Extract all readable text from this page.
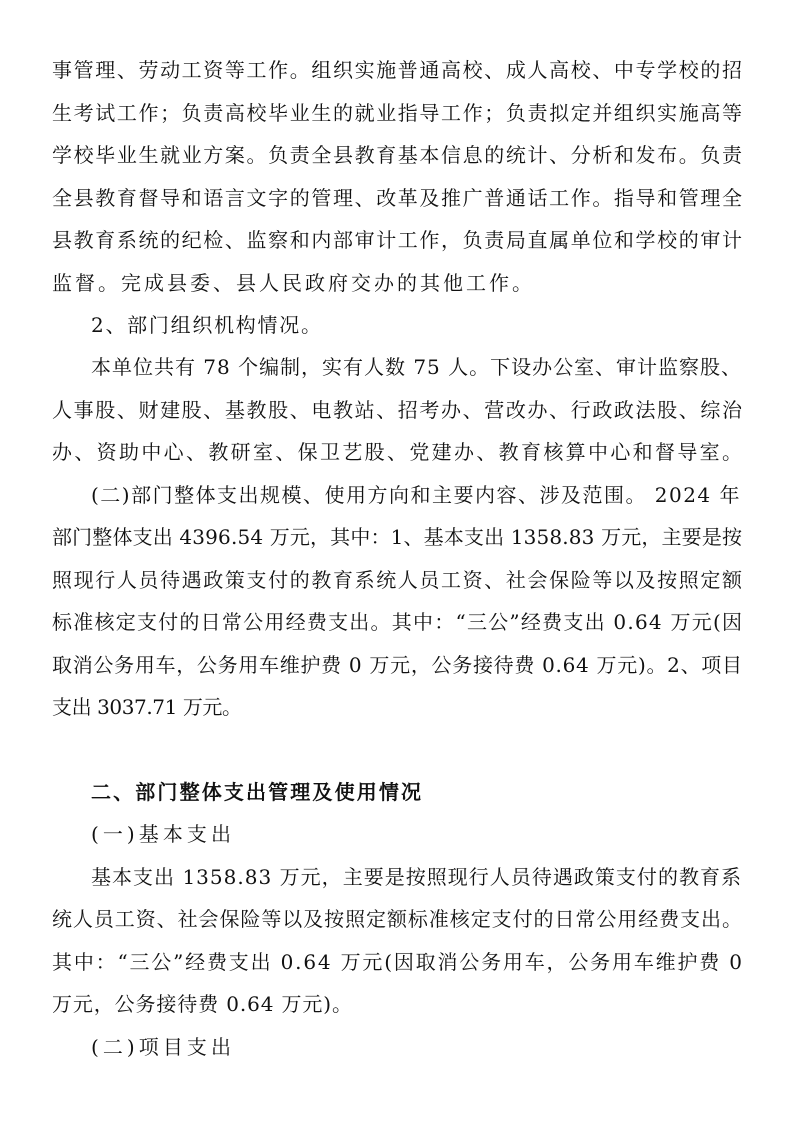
事管理、劳动工资等工作。组织实施普通高校、成人高校、中专学校的招
生考试工作；负责高校毕业生的就业指导工作；负责拟定并组织实施高等
学校毕业生就业方案。负责全县教育基本信息的统计、分析和发布。负责
全县教育督导和语言文字的管理、改革及推广普通话工作。指导和管理全
县教育系统的纪检、监察和内部审计工作，负责局直属单位和学校的审计
监督。完成县委、县人民政府交办的其他工作。
2、部门组织机构情况。
本单位共有 78 个编制，实有人数 75 人。下设办公室、审计监察股、
人事股、财建股、基教股、电教站、招考办、营改办、行政政法股、综治
办、资助中心、教研室、保卫艺股、党建办、教育核算中心和督导室。
(二)部门整体支出规模、使用方向和主要内容、涉及范围。 2024 年
部门整体支出 4396.54 万元，其中：1、基本支出 1358.83 万元，主要是按
照现行人员待遇政策支付的教育系统人员工资、社会保险等以及按照定额
标准核定支付的日常公用经费支出。其中：“三公”经费支出 0.64 万元(因
取消公务用车，公务用车维护费 0 万元，公务接待费 0.64 万元)。2、项目
支出 3037.71 万元。
二、部门整体支出管理及使用情况
(一)基本支出
基本支出 1358.83 万元，主要是按照现行人员待遇政策支付的教育系
统人员工资、社会保险等以及按照定额标准核定支付的日常公用经费支出。
其中：“三公”经费支出 0.64 万元(因取消公务用车，公务用车维护费 0
万元，公务接待费 0.64 万元)。
(二)项目支出
